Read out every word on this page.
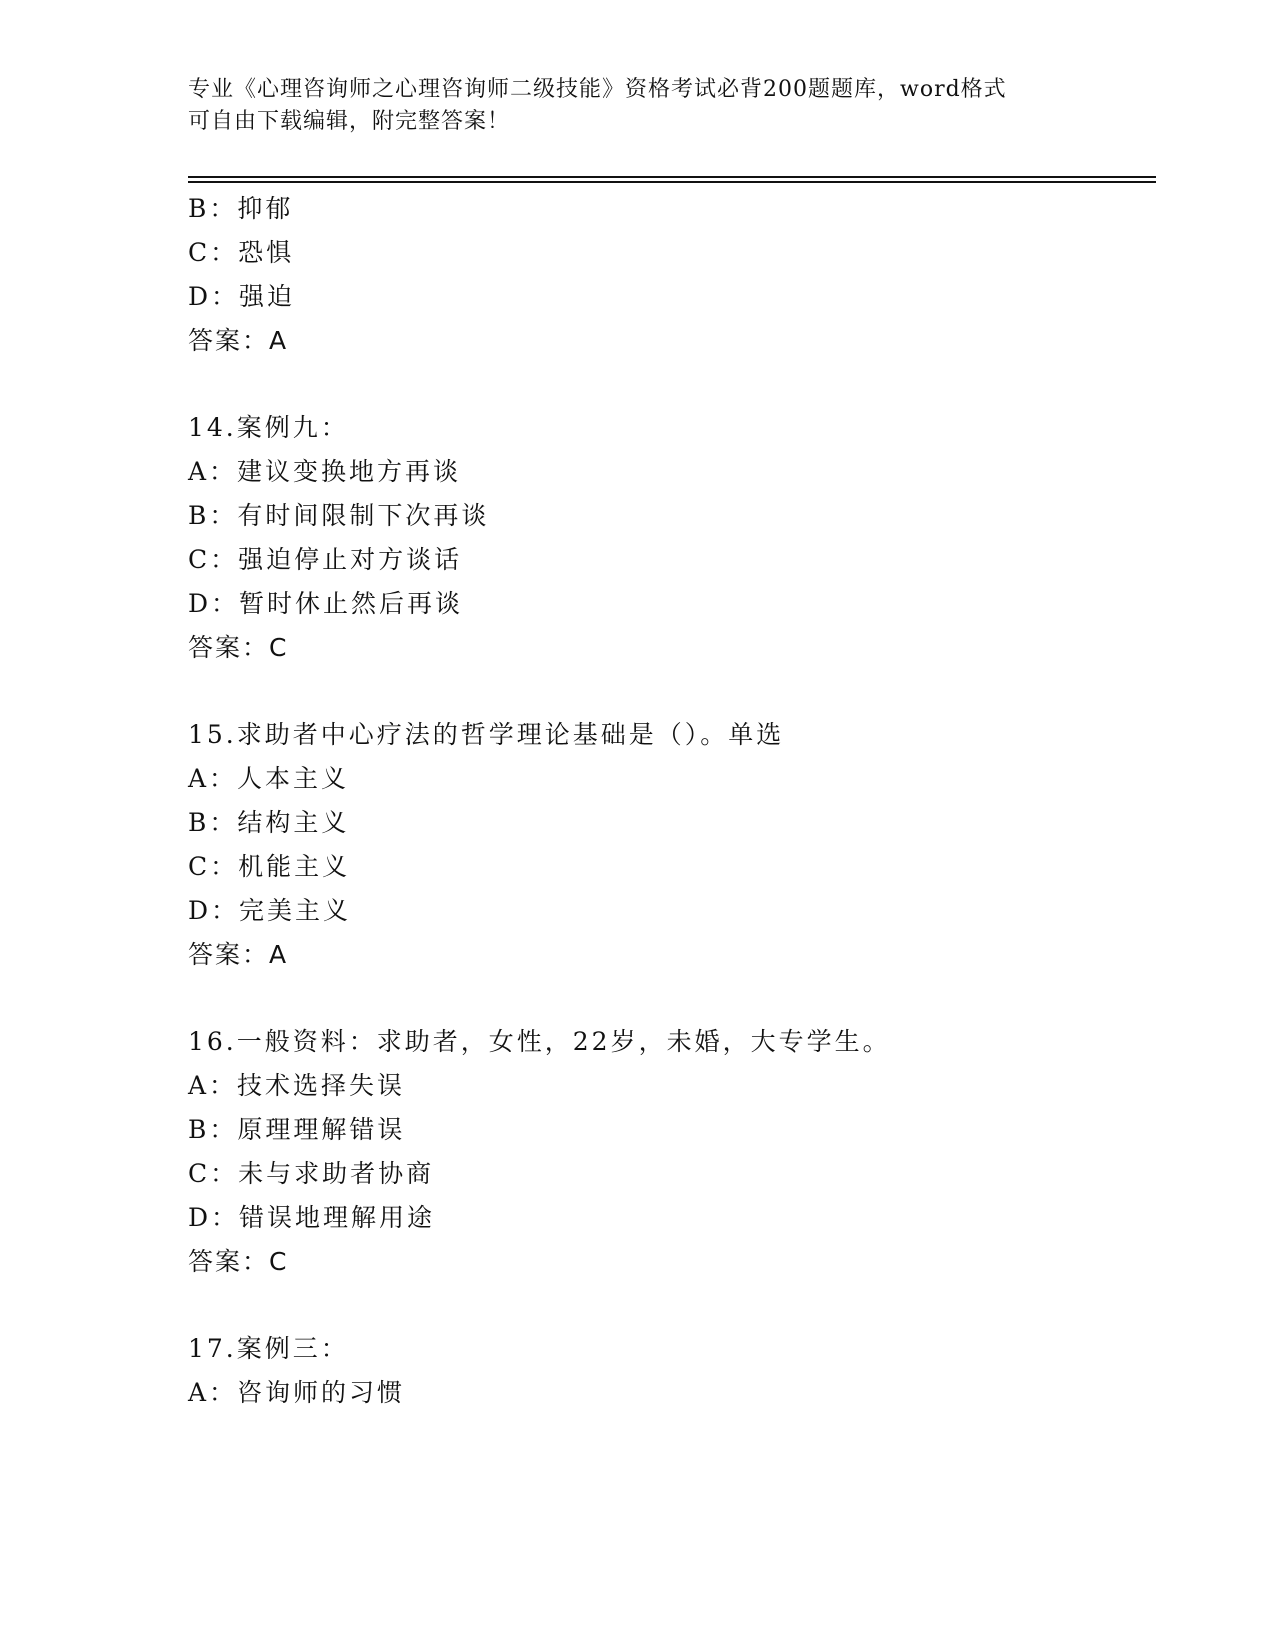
专业《心理咨询师之心理咨询师二级技能》资格考试必背200题题库，word格式
可自由下载编辑，附完整答案！
B：抑郁
C：恐惧
D：强迫
答案：A
14.案例九：
A：建议变换地方再谈
B：有时间限制下次再谈
C：强迫停止对方谈话
D：暂时休止然后再谈
答案：C
15.求助者中心疗法的哲学理论基础是（）。单选
A：人本主义
B：结构主义
C：机能主义
D：完美主义
答案：A
16.一般资料：求助者，女性，22岁，未婚，大专学生。
A：技术选择失误
B：原理理解错误
C：未与求助者协商
D：错误地理解用途
答案：C
17.案例三：
A：咨询师的习惯
